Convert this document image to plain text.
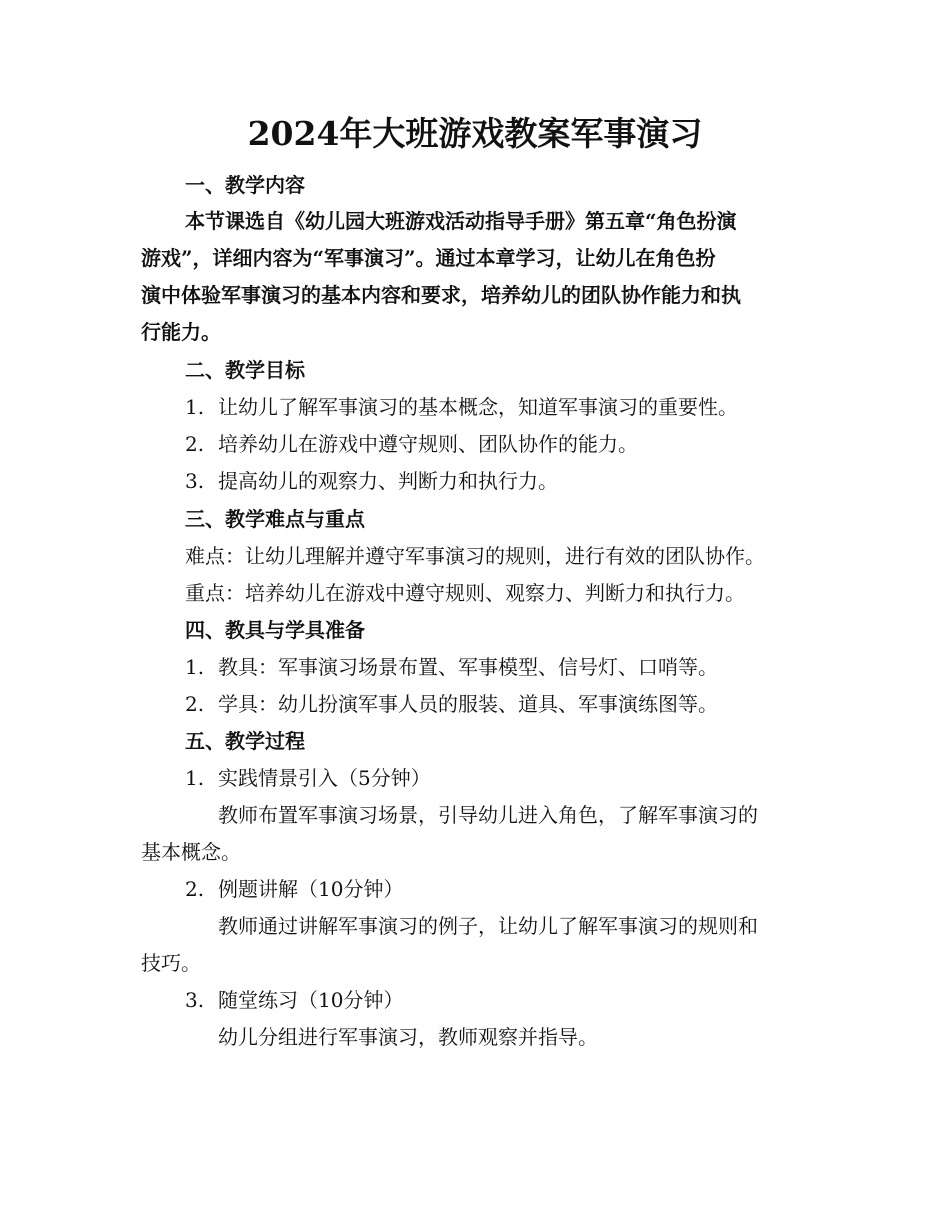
2024年大班游戏教案军事演习
一、教学内容
本节课选自《幼儿园大班游戏活动指导手册》第五章“角色扮演
游戏”，详细内容为“军事演习”。通过本章学习，让幼儿在角色扮
演中体验军事演习的基本内容和要求，培养幼儿的团队协作能力和执
行能力。
二、教学目标
1. 让幼儿了解军事演习的基本概念，知道军事演习的重要性。
2. 培养幼儿在游戏中遵守规则、团队协作的能力。
3. 提高幼儿的观察力、判断力和执行力。
三、教学难点与重点
难点：让幼儿理解并遵守军事演习的规则，进行有效的团队协作。
重点：培养幼儿在游戏中遵守规则、观察力、判断力和执行力。
四、教具与学具准备
1. 教具：军事演习场景布置、军事模型、信号灯、口哨等。
2. 学具：幼儿扮演军事人员的服装、道具、军事演练图等。
五、教学过程
1. 实践情景引入（5分钟）
教师布置军事演习场景，引导幼儿进入角色，了解军事演习的
基本概念。
2. 例题讲解（10分钟）
教师通过讲解军事演习的例子，让幼儿了解军事演习的规则和
技巧。
3. 随堂练习（10分钟）
幼儿分组进行军事演习，教师观察并指导。
